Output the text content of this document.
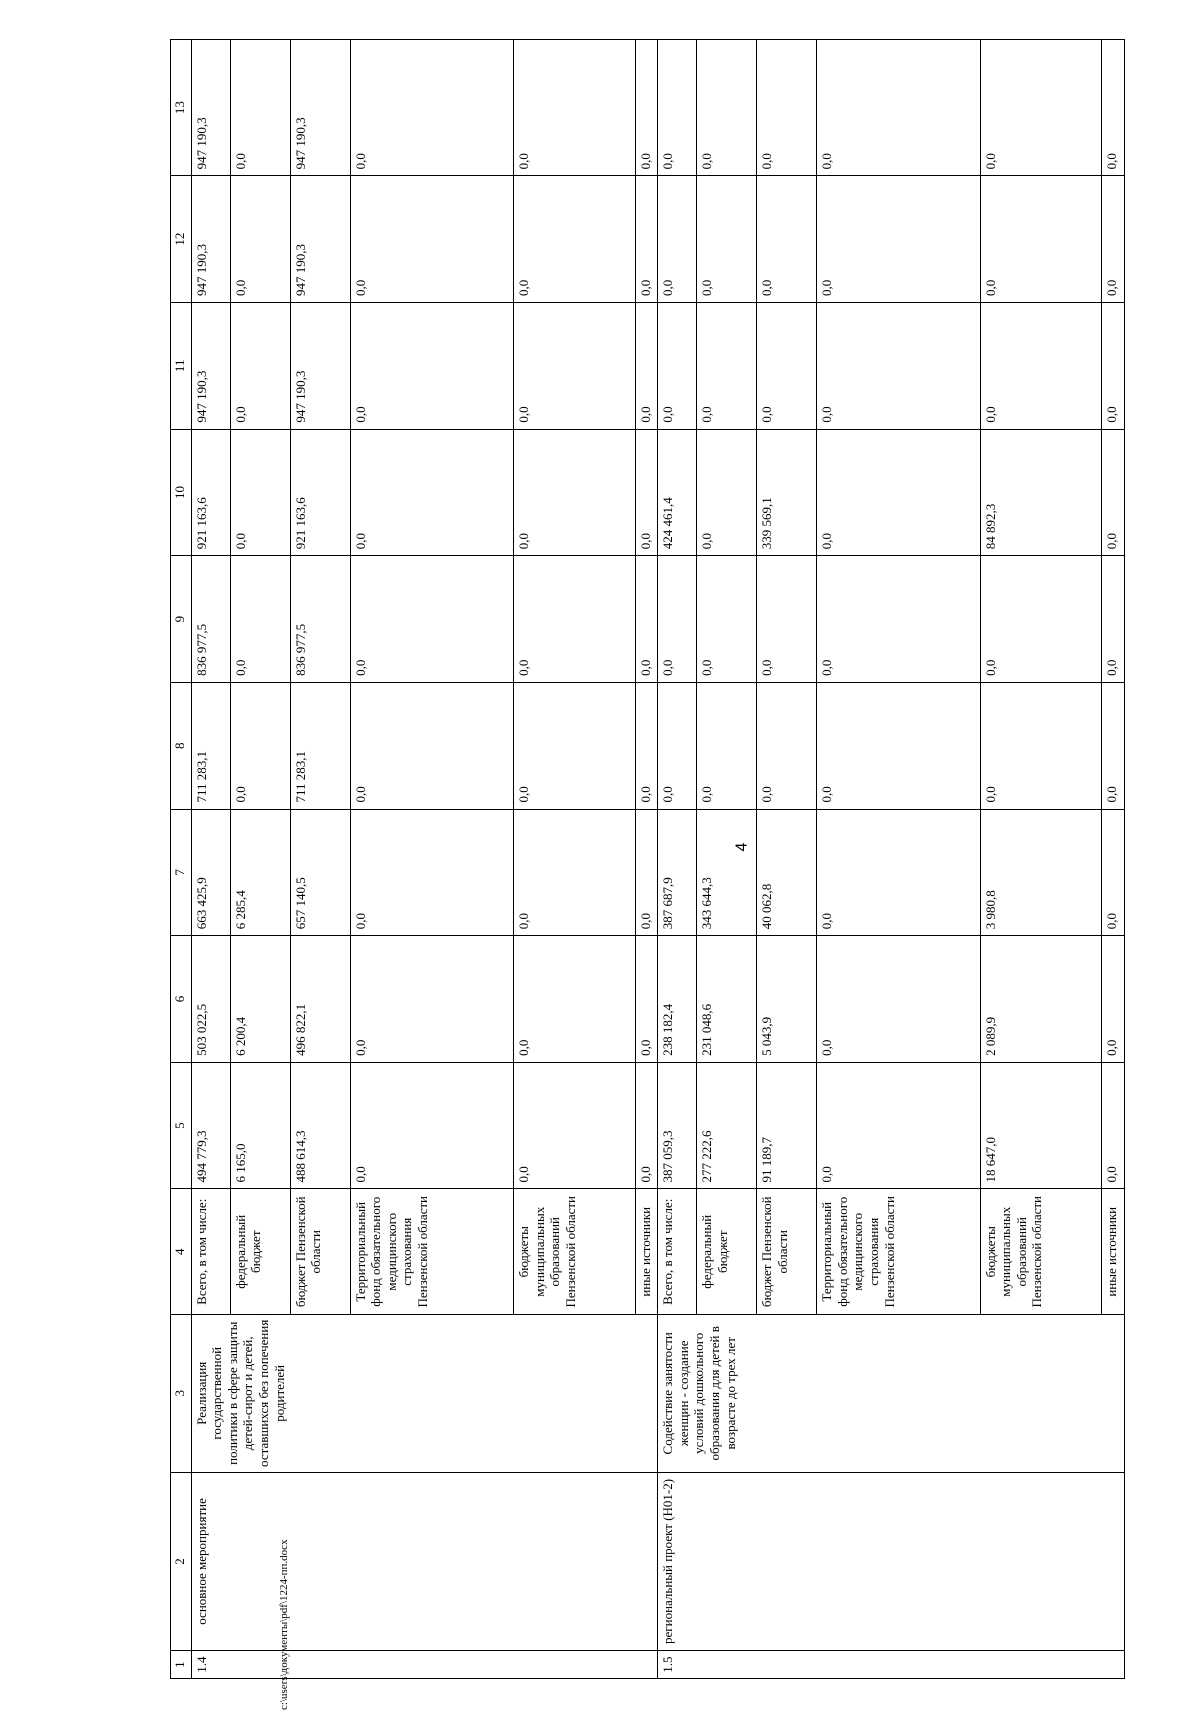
4
c:\users\документы\pdf\1224-пп.docx
1	2	3	4	5	6	7	8	9	10	11	12	13
1.4	основное мероприятие	Реализация государственной политики в сфере защиты детей-сирот и детей, оставшихся без попечения родителей	Всего, в том числе:	494 779,3	503 022,5	663 425,9	711 283,1	836 977,5	921 163,6	947 190,3	947 190,3	947 190,3
			федеральный бюджет	6 165,0	6 200,4	6 285,4	0,0	0,0	0,0	0,0	0,0	0,0
			бюджет Пензенской области	488 614,3	496 822,1	657 140,5	711 283,1	836 977,5	921 163,6	947 190,3	947 190,3	947 190,3
			Территориальный фонд обязательного медицинского страхования Пензенской области	0,0	0,0	0,0	0,0	0,0	0,0	0,0	0,0	0,0
			бюджеты муниципальных образований Пензенской области	0,0	0,0	0,0	0,0	0,0	0,0	0,0	0,0	0,0
			иные источники	0,0	0,0	0,0	0,0	0,0	0,0	0,0	0,0	0,0
1.5	региональный проект (Н01-2)	Содействие занятости женщин - создание условий дошкольного образования для детей в возрасте до трех лет	Всего, в том числе:	387 059,3	238 182,4	387 687,9	0,0	0,0	424 461,4	0,0	0,0	0,0
			федеральный бюджет	277 222,6	231 048,6	343 644,3	0,0	0,0	0,0	0,0	0,0	0,0
			бюджет Пензенской области	91 189,7	5 043,9	40 062,8	0,0	0,0	339 569,1	0,0	0,0	0,0
			Территориальный фонд обязательного медицинского страхования Пензенской области	0,0	0,0	0,0	0,0	0,0	0,0	0,0	0,0	0,0
			бюджеты муниципальных образований Пензенской области	18 647,0	2 089,9	3 980,8	0,0	0,0	84 892,3	0,0	0,0	0,0
			иные источники	0,0	0,0	0,0	0,0	0,0	0,0	0,0	0,0	0,0
